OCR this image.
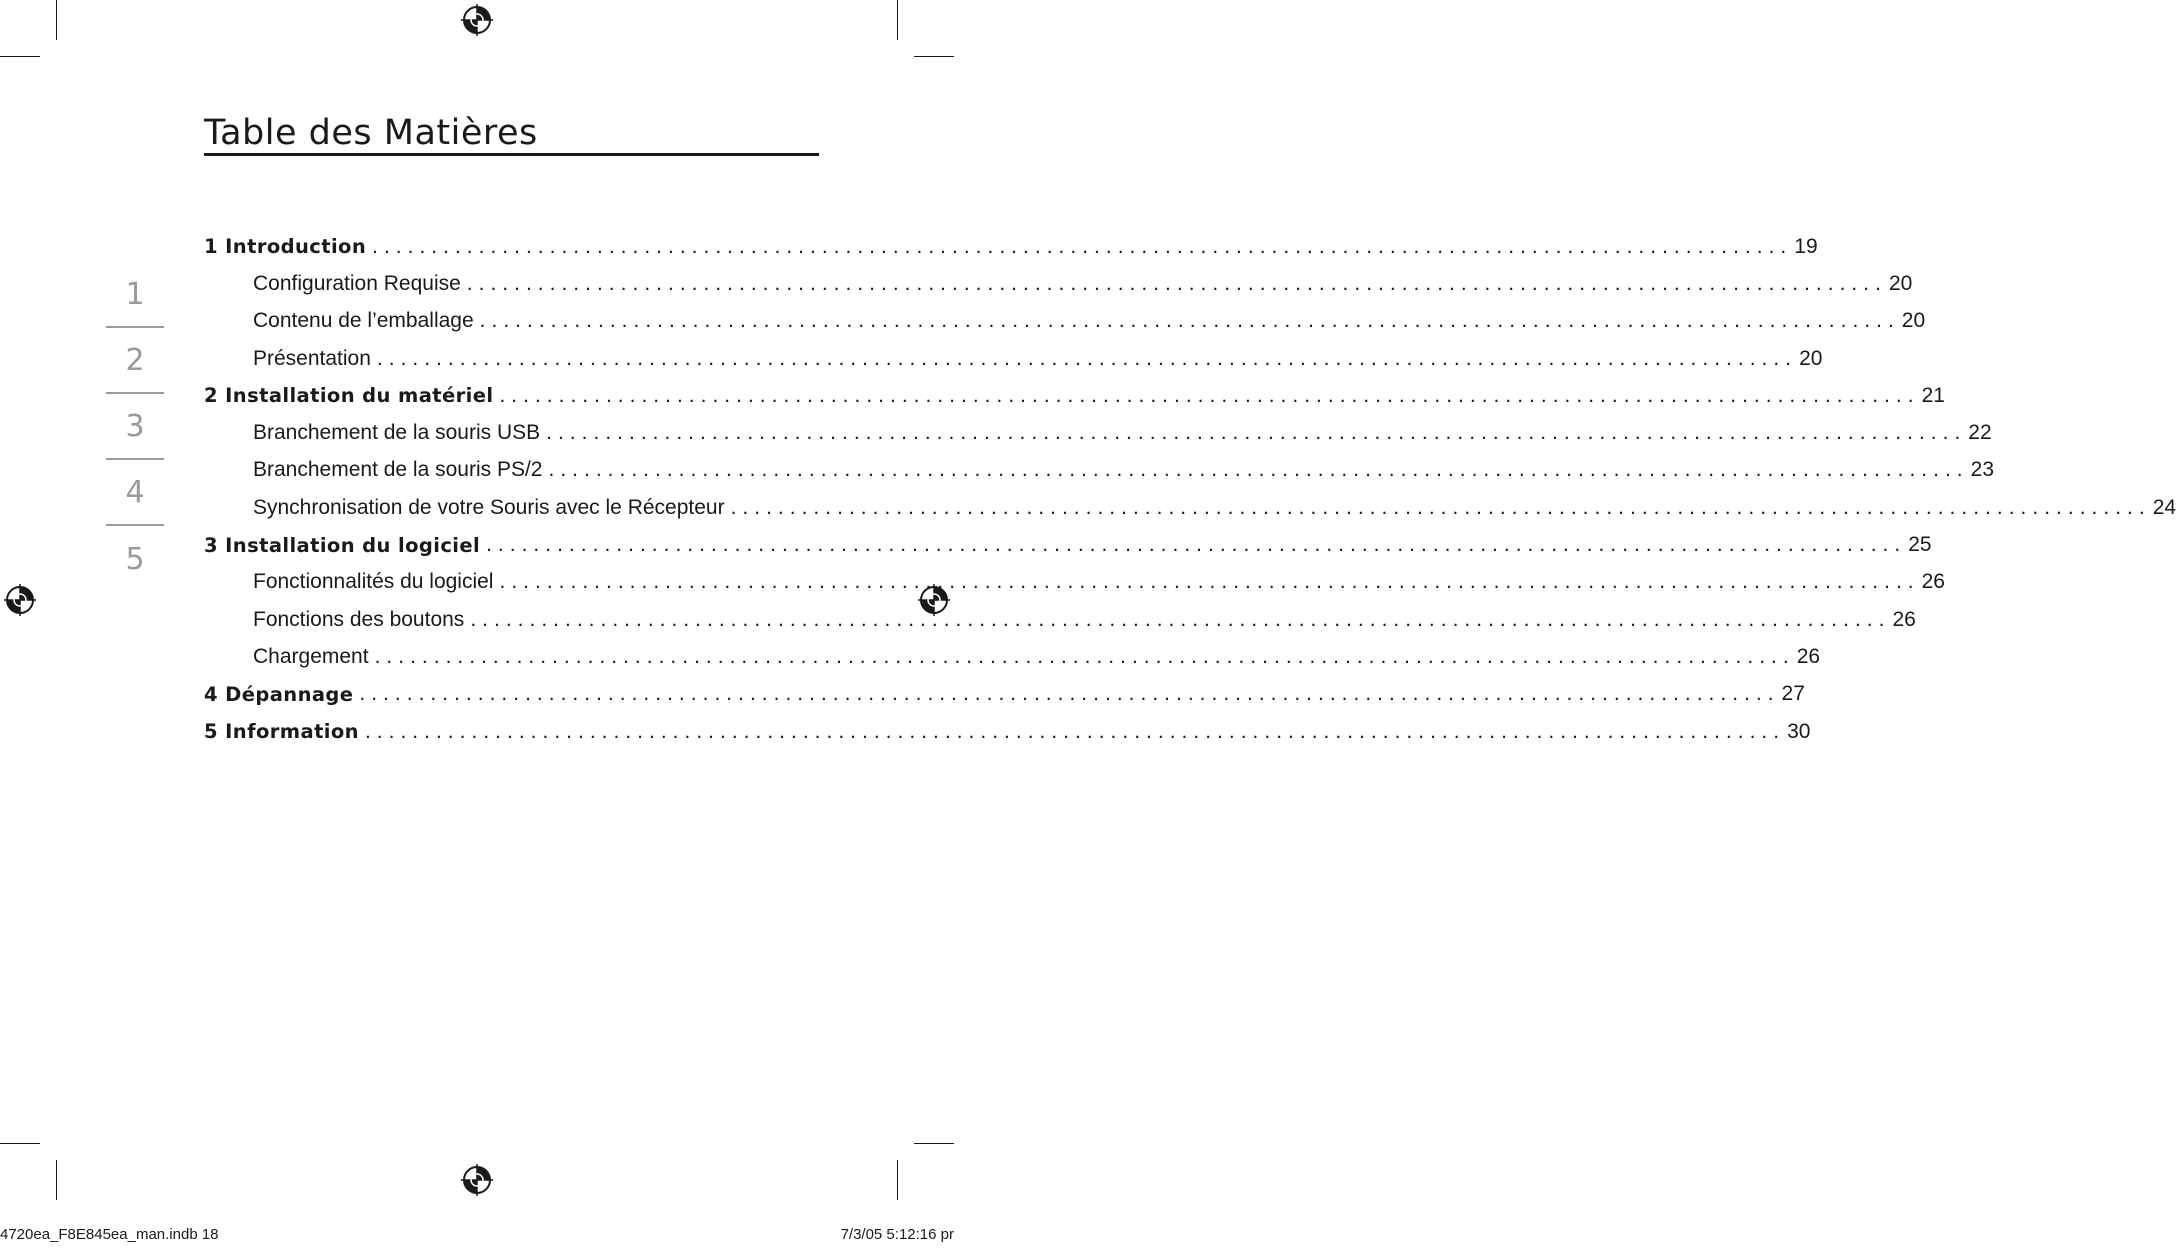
Table des Matières
1
2
3
4
5
1 Introduction ........................................................................................................................ 19
Configuration Requise ........................................................................................................................ 20
Contenu de l’emballage ........................................................................................................................ 20
Présentation ........................................................................................................................ 20
2 Installation du matériel ........................................................................................................................ 21
Branchement de la souris USB ........................................................................................................................ 22
Branchement de la souris PS/2 ........................................................................................................................ 23
Synchronisation de votre Souris avec le Récepteur ........................................................................................................................ 24
3 Installation du logiciel ........................................................................................................................ 25
Fonctionnalités du logiciel ........................................................................................................................ 26
Fonctions des boutons ........................................................................................................................ 26
Chargement ........................................................................................................................ 26
4 Dépannage ........................................................................................................................ 27
5 Information ........................................................................................................................ 30
4720ea_F8E845ea_man.indb 18	7/3/05 5:12:16 pr
